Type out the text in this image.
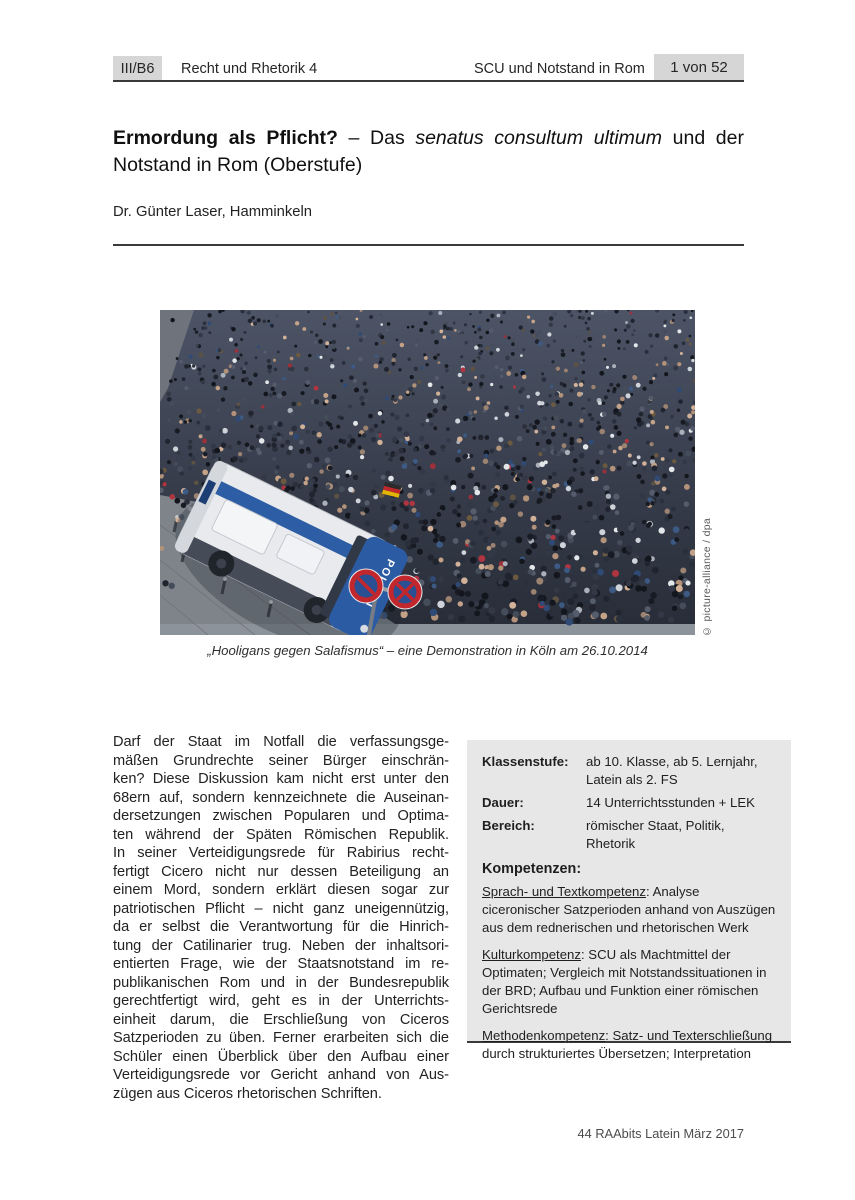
III/B6	Recht und Rhetorik 4	SCU und Notstand in Rom	1 von 52
Ermordung als Pflicht? – Das senatus consultum ultimum und der
Notstand in Rom (Oberstufe)
Dr. Günter Laser, Hamminkeln
„Hooligans gegen Salafismus“ – eine Demonstration in Köln am 26.10.2014
© picture-alliance / dpa
Darf der Staat im Notfall die verfassungsge-
mäßen Grundrechte seiner Bürger einschrän-
ken? Diese Diskussion kam nicht erst unter den
68ern auf, sondern kennzeichnete die Auseinan-
dersetzungen zwischen Popularen und Optima-
ten während der Späten Römischen Republik.
In seiner Verteidigungsrede für Rabirius recht-
fertigt Cicero nicht nur dessen Beteiligung an
einem Mord, sondern erklärt diesen sogar zur
patriotischen Pflicht – nicht ganz uneigennützig,
da er selbst die Verantwortung für die Hinrich-
tung der Catilinarier trug. Neben der inhaltsori-
entierten Frage, wie der Staatsnotstand im re-
publikanischen Rom und in der Bundesrepublik
gerechtfertigt wird, geht es in der Unterrichts-
einheit darum, die Erschließung von Ciceros
Satzperioden zu üben. Ferner erarbeiten sich die
Schüler einen Überblick über den Aufbau einer
Verteidigungsrede vor Gericht anhand von Aus-
zügen aus Ciceros rhetorischen Schriften.
Klassenstufe:	ab 10. Klasse, ab 5. Lernjahr, Latein als 2. FS
Dauer:	14 Unterrichtsstunden + LEK
Bereich:	römischer Staat, Politik, Rhetorik
Kompetenzen:

Sprach- und Textkompetenz: Analyse ciceronischer Satzperioden anhand von Auszügen aus dem rednerischen und rhetorischen Werk

Kulturkompetenz: SCU als Machtmittel der Optimaten; Vergleich mit Notstandssituationen in der BRD; Aufbau und Funktion einer römischen Gerichtsrede

Methodenkompetenz: Satz- und Texterschließung durch strukturiertes Übersetzen; Interpretation

44 RAAbits Latein März 2017
